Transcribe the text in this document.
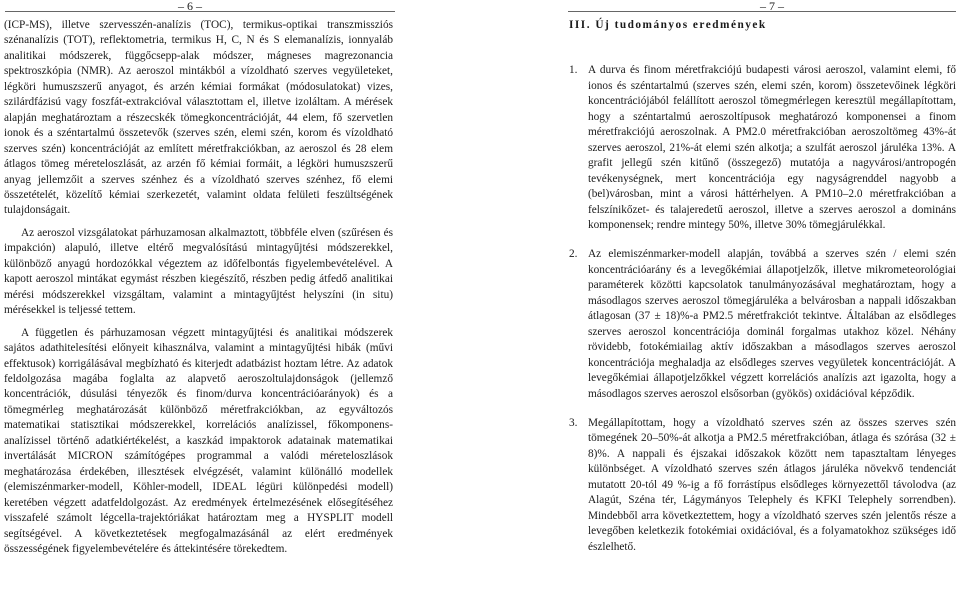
– 6 –	– 7 –

(ICP-MS), illetve szervesszén-analízis (TOC), termikus-optikai transzmissziós szénanalízis (TOT), reflektometria, termikus H, C, N és S elemanalízis, ionnyaláb analitikai módszerek, függőcsepp-alak módszer, mágneses magrezonancia spektroszkópia (NMR). Az aeroszol mintákból a vízoldható szerves vegyületeket, légköri humuszszerű anyagot, és arzén kémiai formákat (módosulatokat) vizes, szilárdfázisú vagy foszfát-extrakcióval választottam el, illetve izoláltam. A mérések alapján meghatároztam a részecskék tömegkoncentrációját, 44 elem, fő szervetlen ionok és a széntartalmú összetevők (szerves szén, elemi szén, korom és vízoldható szerves szén) koncentrációját az említett méretfrakciókban, az aeroszol és 28 elem átlagos tömeg méreteloszlását, az arzén fő kémiai formáit, a légköri humuszszerű anyag jellemzőit a szerves szénhez és a vízoldható szerves szénhez, fő elemi összetételét, közelítő kémiai szerkezetét, valamint oldata felületi feszültségének tulajdonságait.

Az aeroszol vizsgálatokat párhuzamosan alkalmaztott, többféle elven (szűrésen és impakción) alapuló, illetve eltérő megvalósítású mintagyűjtési módszerekkel, különböző anyagú hordozókkal végeztem az időfelbontás figyelembevételével. A kapott aeroszol mintákat egymást részben kiegészítő, részben pedig átfedő analitikai mérési módszerekkel vizsgáltam, valamint a mintagyűjtést helyszíni (in situ) mérésekkel is teljessé tettem.

A független és párhuzamosan végzett mintagyűjtési és analitikai módszerek sajátos adathitelesítési előnyeit kihasználva, valamint a mintagyűjtési hibák (művi effektusok) korrigálásával megbízható és kiterjedt adatbázist hoztam létre. Az adatok feldolgozása magába foglalta az alapvető aeroszoltulajdonságok (jellemző koncentrációk, dúsulási tényezők és finom/durva koncentrációarányok) és a tömegmérleg meghatározását különböző méretfrakciókban, az egyváltozós matematikai statisztikai módszerekkel, korrelációs analízissel, főkomponens-analízissel történő adatkiértékelést, a kaszkád impaktorok adatainak matematikai invertálását MICRON számítógépes programmal a valódi méreteloszlások meghatározása érdekében, illesztések elvégzését, valamint különálló modellek (elemiszénmarker-modell, Köhler-modell, IDEAL légüri különpedési modell) keretében végzett adatfeldolgozást. Az eredmények értelmezésének elősegítéséhez visszafelé számolt légcella-trajektóriákat határoztam meg a HYSPLIT modell segítségével. A következtetések megfogalmazásánál az elért eredmények összességének figyelembevételére és áttekintésére törekedtem.

III. Új tudományos eredmények

1. A durva és finom méretfrakciójú budapesti városi aeroszol, valamint elemi, fő ionos és széntartalmú (szerves szén, elemi szén, korom) összetevőinek légköri koncentrációjából felállított aeroszol tömegmérlegen keresztül megállapítottam, hogy a széntartalmú aeroszoltípusok meghatározó komponensei a finom méretfrakciójú aeroszolnak. A PM2.0 méretfrakcióban aeroszoltömeg 43%-át szerves aeroszol, 21%-át elemi szén alkotja; a szulfát aeroszol járuléka 13%. A grafit jellegű szén kitűnő (összegező) mutatója a nagyvárosi/antropogén tevékenységnek, mert koncentrációja egy nagyságrenddel nagyobb a (bel)városban, mint a városi háttérhelyen. A PM10–2.0 méretfrakcióban a felszínikőzet- és talajeredetű aeroszol, illetve a szerves aeroszol a domináns komponensek; rendre mintegy 50%, illetve 30% tömegjárulékkal.
2. Az elemiszénmarker-modell alapján, továbbá a szerves szén / elemi szén koncentrációarány és a levegőkémiai állapotjelzők, illetve mikrometeorológiai paraméterek közötti kapcsolatok tanulmányozásával meghatároztam, hogy a másodlagos szerves aeroszol tömegjáruléka a belvárosban a nappali időszakban átlagosan (37 ± 18)%-a PM2.5 méretfrakciót tekintve. Általában az elsődleges szerves aeroszol koncentrációja dominál forgalmas utakhoz közel. Néhány rövidebb, fotokémiailag aktív időszakban a másodlagos szerves aeroszol koncentrációja meghaladja az elsődleges szerves vegyületek koncentrációját. A levegőkémiai állapotjelzőkkel végzett korrelációs analízis azt igazolta, hogy a másodlagos szerves aeroszol elsősorban (gyökös) oxidációval képződik.
3. Megállapítottam, hogy a vízoldható szerves szén az összes szerves szén tömegének 20–50%-át alkotja a PM2.5 méretfrakcióban, átlaga és szórása (32 ± 8)%. A nappali és éjszakai időszakok között nem tapasztaltam lényeges különbséget. A vízoldható szerves szén átlagos járuléka növekvő tendenciát mutatott 20-tól 49 %-ig a fő forrástípus elsődleges környezettől távolodva (az Alagút, Széna tér, Lágymányos Telephely és KFKI Telephely sorrendben). Mindebből arra következtettem, hogy a vízoldható szerves szén jelentős része a levegőben keletkezik fotokémiai oxidációval, és a folyamatokhoz szükséges idő észlelhető.
